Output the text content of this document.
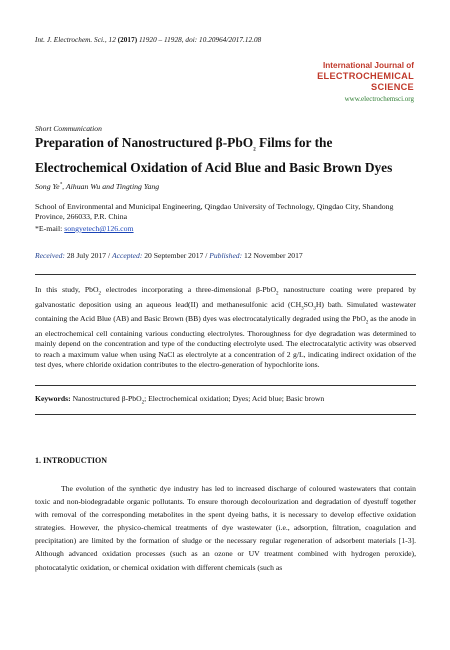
Int. J. Electrochem. Sci., 12 (2017) 11920 – 11928, doi: 10.20964/2017.12.08
International Journal of
ELECTROCHEMICAL
SCIENCE
www.electrochemsci.org
Short Communication
Preparation of Nanostructured β-PbO$_2$ Films for the Electrochemical Oxidation of Acid Blue and Basic Brown Dyes
Song Ye*, Aihuan Wu and Tingting Yang
School of Environmental and Municipal Engineering, Qingdao University of Technology, Qingdao City, Shandong Province, 266033, P.R. China
*E-mail: songyetech@126.com
Received: 28 July 2017 / Accepted: 20 September 2017 / Published: 12 November 2017
In this study, PbO$_2$ electrodes incorporating a three-dimensional β-PbO$_2$ nanostructure coating were prepared by galvanostatic deposition using an aqueous lead(II) and methanesulfonic acid $(CH_3SO_3H)$ bath. Simulated wastewater containing the Acid Blue (AB) and Basic Brown (BB) dyes was electrocatalytically degraded using the PbO$_2$ as the anode in an electrochemical cell containing various conducting electrolytes. Thoroughness for dye degradation was determined to mainly depend on the concentration and type of the conducting electrolyte used. The electrocatalytic activity was observed to reach a maximum value when using NaCl as electrolyte at a concentration of 2 g/L, indicating indirect oxidation of the test dyes, where chloride oxidation contributes to the electro-generation of hypochlorite ions.
Keywords: Nanostructured β-PbO$_2$; Electrochemical oxidation; Dyes; Acid blue; Basic brown
1. INTRODUCTION
The evolution of the synthetic dye industry has led to increased discharge of coloured wastewaters that contain toxic and non-biodegradable organic pollutants. To ensure thorough decolourization and degradation of dyestuff together with removal of the corresponding metabolites in the spent dyeing baths, it is necessary to develop effective oxidation strategies. However, the physico-chemical treatments of dye wastewater (i.e., adsorption, filtration, coagulation and precipitation) are limited by the formation of sludge or the necessary regular regeneration of adsorbent materials [1-3]. Although advanced oxidation processes (such as an ozone or UV treatment combined with hydrogen peroxide), photocatalytic oxidation, or chemical oxidation with different chemicals (such as
